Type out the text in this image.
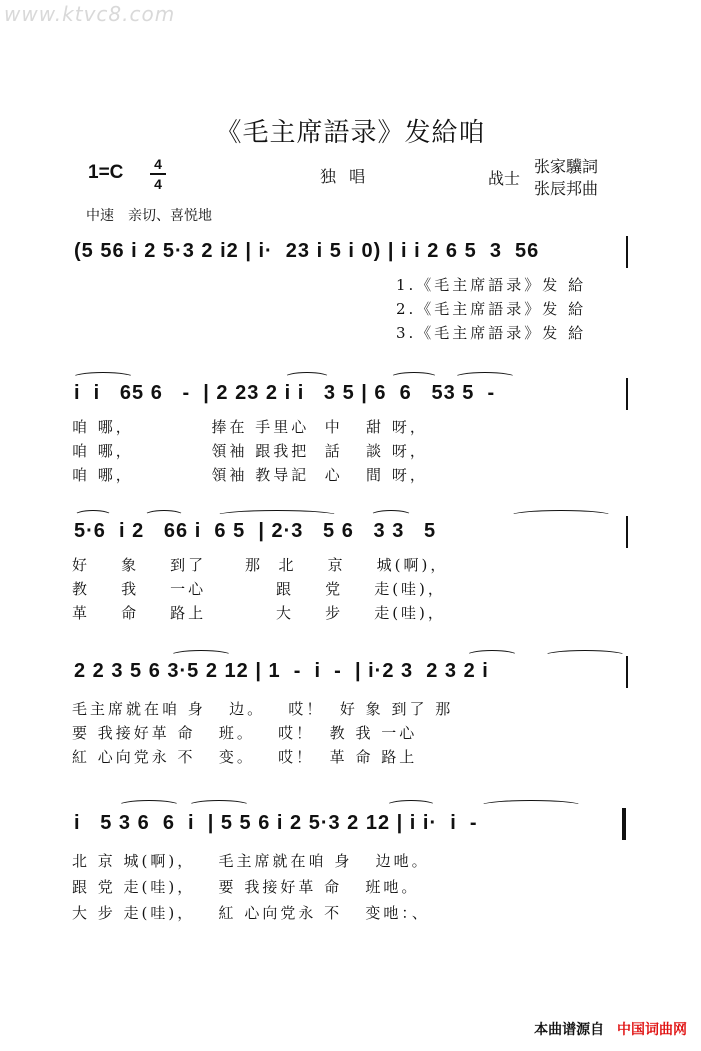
www.ktvc8.com
《毛主席語录》发給咱
1=C 4
4	独 唱	战士
张家驥詞
张辰邦曲
中速　亲切、喜悦地
(5 56 i 2 5·3 2 i2 | i·  23 i 5 i 0) | i i 2 6 5  3  56
1.《毛主席語录》发 給
2.《毛主席語录》发 給
3.《毛主席語录》发 給
i  i   65 6   -  | 2 23 2 i i   3 5 | 6  6   53 5  -
咱 哪，          捧在 手里心  中   甜 呀，
咱 哪，          領袖 跟我把  話   談 呀，
咱 哪，          領袖 教导記  心   間 呀，
5·6  i 2   66 i  6 5  | 2·3   5 6   3 3   5
好    象    到了     那  北    京    城(啊)，
教    我    一心         跟    党    走(哇)，
革    命    路上         大    步    走(哇)，
2 2 3 5 6 3·5 2 12 | 1  -  i  -  | i·2 3  2 3 2 i
毛主席就在咱 身   边。   哎！  好 象 到了 那
要 我接好革 命   班。   哎！  教 我 一心
紅 心向党永 不   变。   哎！  革 命 路上
i   5 3 6  6  i  | 5 5 6 i 2 5·3 2 12 | i i·  i  -
北 京 城(啊)，   毛主席就在咱 身   边吔。
跟 党 走(哇)，   要 我接好革 命   班吔。
大 步 走(哇)，   紅 心向党永 不   变吔：、
本曲谱源自 中国词曲网
